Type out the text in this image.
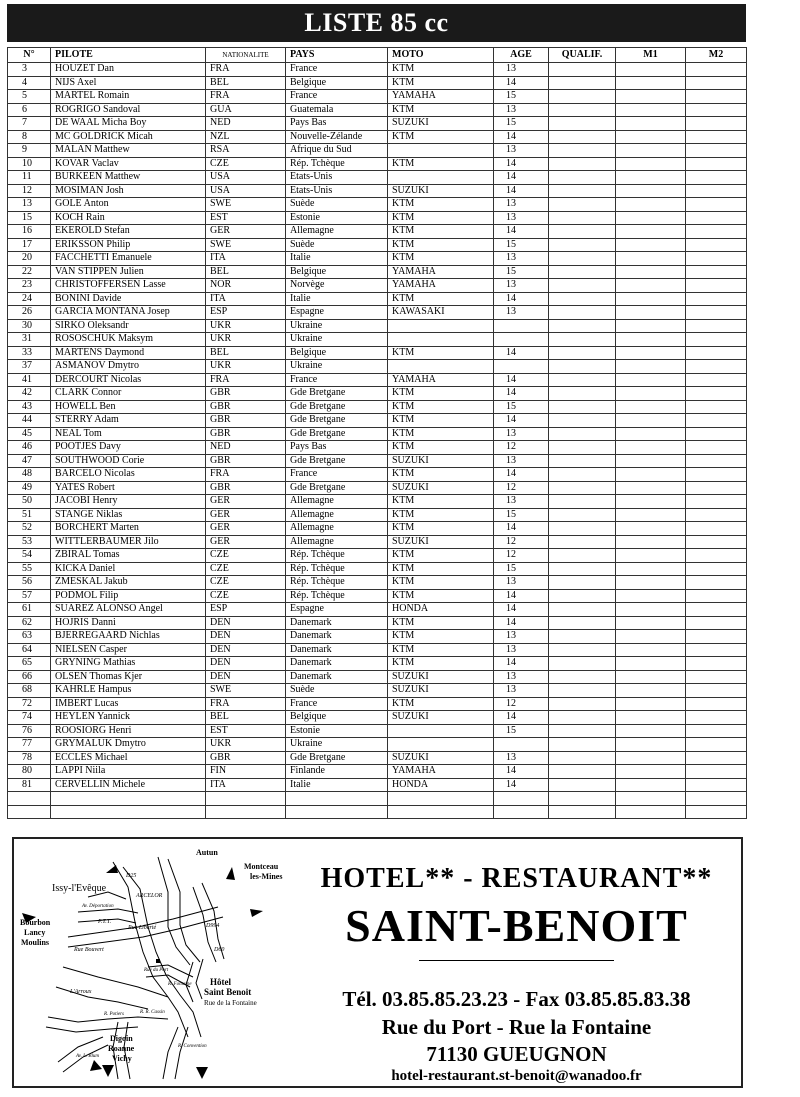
LISTE 85 cc
N°	PILOTE	NATIONALITE	PAYS	MOTO	AGE	QUALIF.	M1	M2
3	HOUZET Dan	FRA	France	KTM	13			
4	NIJS Axel	BEL	Belgique	KTM	14			
5	MARTEL Romain	FRA	France	YAMAHA	15			
6	ROGRIGO Sandoval	GUA	Guatemala	KTM	13			
7	DE WAAL Micha Boy	NED	Pays Bas	SUZUKI	15			
8	MC GOLDRICK Micah	NZL	Nouvelle-Zélande	KTM	14			
9	MALAN Matthew	RSA	Afrique du Sud		13			
10	KOVAR Vaclav	CZE	Rép. Tchèque	KTM	14			
11	BURKEEN Matthew	USA	Etats-Unis		14			
12	MOSIMAN Josh	USA	Etats-Unis	SUZUKI	14			
13	GOLE Anton	SWE	Suède	KTM	13			
15	KOCH Rain	EST	Estonie	KTM	13			
16	EKEROLD Stefan	GER	Allemagne	KTM	14			
17	ERIKSSON Philip	SWE	Suède	KTM	15			
20	FACCHETTI Emanuele	ITA	Italie	KTM	13			
22	VAN STIPPEN Julien	BEL	Belgique	YAMAHA	15			
23	CHRISTOFFERSEN Lasse	NOR	Norvège	YAMAHA	13			
24	BONINI Davide	ITA	Italie	KTM	14			
26	GARCIA MONTANA Josep	ESP	Espagne	KAWASAKI	13			
30	SIRKO Oleksandr	UKR	Ukraine					
31	ROSOSCHUK Maksym	UKR	Ukraine					
33	MARTENS Daymond	BEL	Belgique	KTM	14			
37	ASMANOV Dmytro	UKR	Ukraine					
41	DERCOURT Nicolas	FRA	France	YAMAHA	14			
42	CLARK Connor	GBR	Gde Bretgane	KTM	14			
43	HOWELL Ben	GBR	Gde Bretgane	KTM	15			
44	STERRY Adam	GBR	Gde Bretgane	KTM	14			
45	NEAL Tom	GBR	Gde Bretgane	KTM	13			
46	POOTJES Davy	NED	Pays Bas	KTM	12			
47	SOUTHWOOD Corie	GBR	Gde Bretgane	SUZUKI	13			
48	BARCELO Nicolas	FRA	France	KTM	14			
49	YATES Robert	GBR	Gde Bretgane	SUZUKI	12			
50	JACOBI Henry	GER	Allemagne	KTM	13			
51	STANGE Niklas	GER	Allemagne	KTM	15			
52	BORCHERT Marten	GER	Allemagne	KTM	14			
53	WITTLERBAUMER Jilo	GER	Allemagne	SUZUKI	12			
54	ZBIRAL Tomas	CZE	Rép. Tchèque	KTM	12			
55	KICKA Daniel	CZE	Rép. Tchèque	KTM	15			
56	ZMESKAL Jakub	CZE	Rép. Tchèque	KTM	13			
57	PODMOL Filip	CZE	Rép. Tchèque	KTM	14			
61	SUAREZ ALONSO Angel	ESP	Espagne	HONDA	14			
62	HOJRIS Danni	DEN	Danemark	KTM	14			
63	BJERREGAARD Nichlas	DEN	Danemark	KTM	13			
64	NIELSEN Casper	DEN	Danemark	KTM	13			
65	GRYNING Mathias	DEN	Danemark	KTM	14			
66	OLSEN Thomas Kjer	DEN	Danemark	SUZUKI	13			
68	KAHRLE Hampus	SWE	Suède	SUZUKI	13			
72	IMBERT Lucas	FRA	France	KTM	12			
74	HEYLEN Yannick	BEL	Belgique	SUZUKI	14			
76	ROOSIORG Henri	EST	Estonie		15			
77	GRYMALUK Dmytro	UKR	Ukraine					
78	ECCLES Michael	GBR	Gde Bretgane	SUZUKI	13			
80	LAPPI Niila	FIN	Finlande	YAMAHA	14			
81	CERVELLIN Michele	ITA	Italie	HONDA	14			

Issy-l'Evêque
Autun
Montceau
les-Mines
Bourbon
Lancy
Moulins
Hôtel
Saint Benoit
Rue de la Fontaine
Digoin
Roanne
Vichy
ARCELOR
P.T.T.
Av. Déportation
Rue Liberté
Rue Bouvert
L'Arroux
Rue du Port
R. Fontaine
R. R. Cassin
R. Potiers
D994
D60
D25
Av. L. Blum
R. Convention
HOTEL** - RESTAURANT**
SAINT-BENOIT
Tél. 03.85.85.23.23 - Fax 03.85.85.83.38
Rue du Port - Rue la Fontaine
71130 GUEUGNON
hotel-restaurant.st-benoit@wanadoo.fr
